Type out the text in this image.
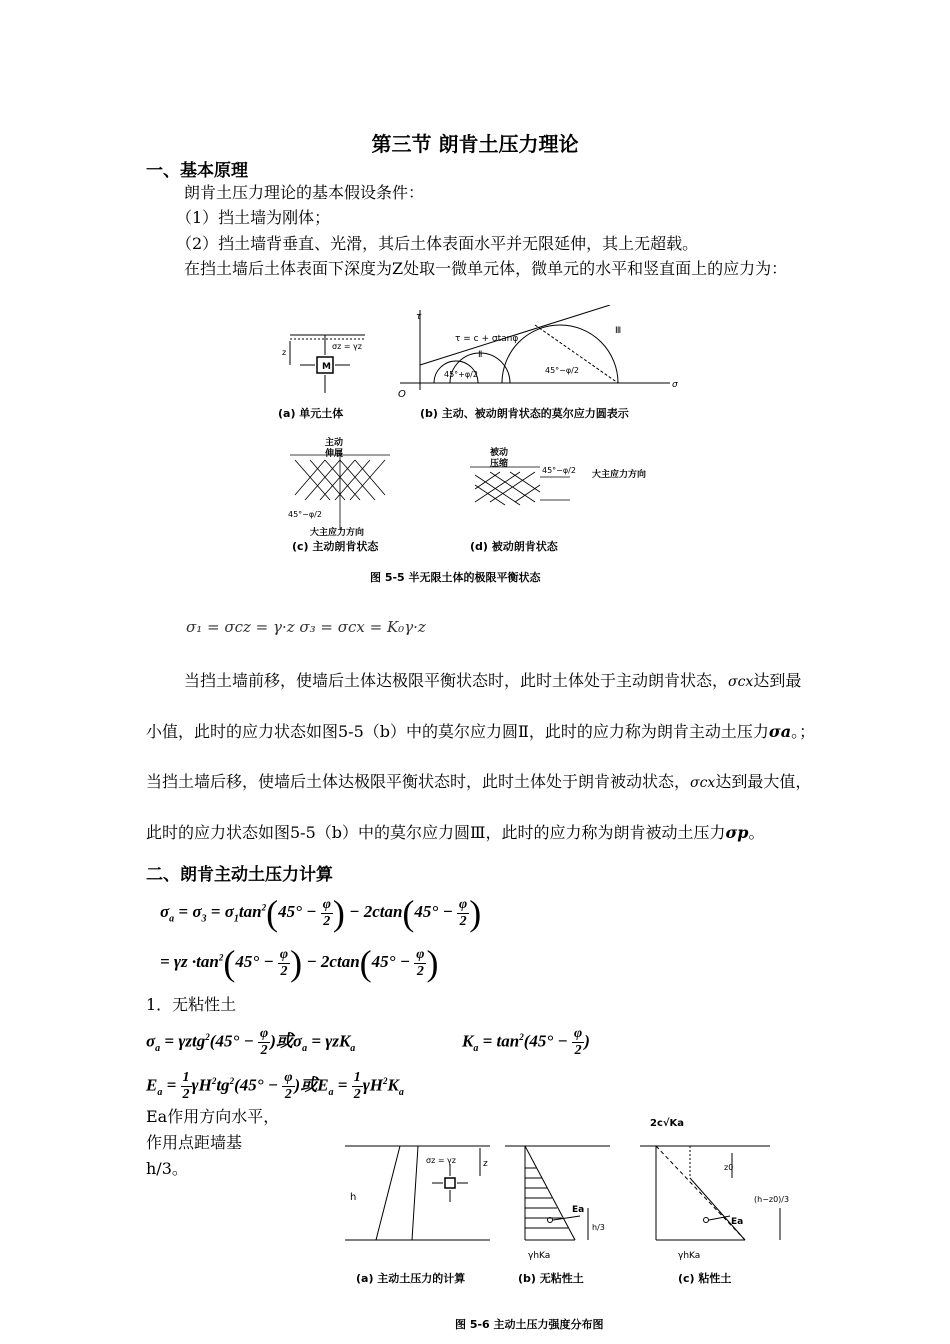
第三节 朗肯土压力理论
一、基本原理
朗肯土压力理论的基本假设条件：
（1）挡土墙为刚体；
（2）挡土墙背垂直、光滑，其后土体表面水平并无限延伸，其上无超载。
在挡土墙后土体表面下深度为Z处取一微单元体，微单元的水平和竖直面上的应力为：
M
σz = γz
z
(a) 单元土体
O
τ
σ
τ = c + σtanφ
Ⅱ
Ⅲ
45°+φ/2	45°−φ/2
(b) 主动、被动朗肯状态的莫尔应力圆表示
主动
伸展
45°−φ/2
大主应力方向
(c) 主动朗肯状态
被动
压缩
45°−φ/2 大主应力方向
(d) 被动朗肯状态
图 5-5 半无限土体的极限平衡状态
σ₁ = σcz = γ·z σ₃ = σcx = K₀γ·z
当挡土墙前移，使墙后土体达极限平衡状态时，此时土体处于主动朗肯状态，σcx达到最小值，此时的应力状态如图5-5（b）中的莫尔应力圆Ⅱ，此时的应力称为朗肯主动土压力σa。；当挡土墙后移，使墙后土体达极限平衡状态时，此时土体处于朗肯被动状态，σcx达到最大值，此时的应力状态如图5-5（b）中的莫尔应力圆Ⅲ，此时的应力称为朗肯被动土压力σp。
二、朗肯主动土压力计算
$\sigma_a = \sigma_3 = \sigma_1\tan^2(45^\circ - \frac{\varphi}{2}$ ) − $2ctan(45^\circ - \frac{\varphi}{2}$ )
= $\gamma z \cdot\tan^2(45^\circ - \frac{\varphi}{2}$ ) − $2ctan(45^\circ - \frac{\varphi}{2}$ )
1．无粘性土
$\sigma_a = \gamma ztg^2(45^\circ - \frac{\varphi}{2}$ )或$\sigma_a = \gamma zK_a$	$K_a = \tan^2(45^\circ - \frac{\varphi}{2}$ )
$E_a = \frac{1}{2} \gamma H^2tg^2(45^\circ - \frac{\varphi}{2}$ )或$E_a = \frac{1}{2} \gamma H^2K_a$
Ea作用方向水平，
作用点距墙基
h/3。
h
z
σz = γz
(a) 主动土压力的计算
Ea
h/3
γhKa
(b) 无粘性土
2c√Ka
z0
Ea
γhKa
(h−z0)/3
(c) 粘性土
图 5-6 主动土压力强度分布图
